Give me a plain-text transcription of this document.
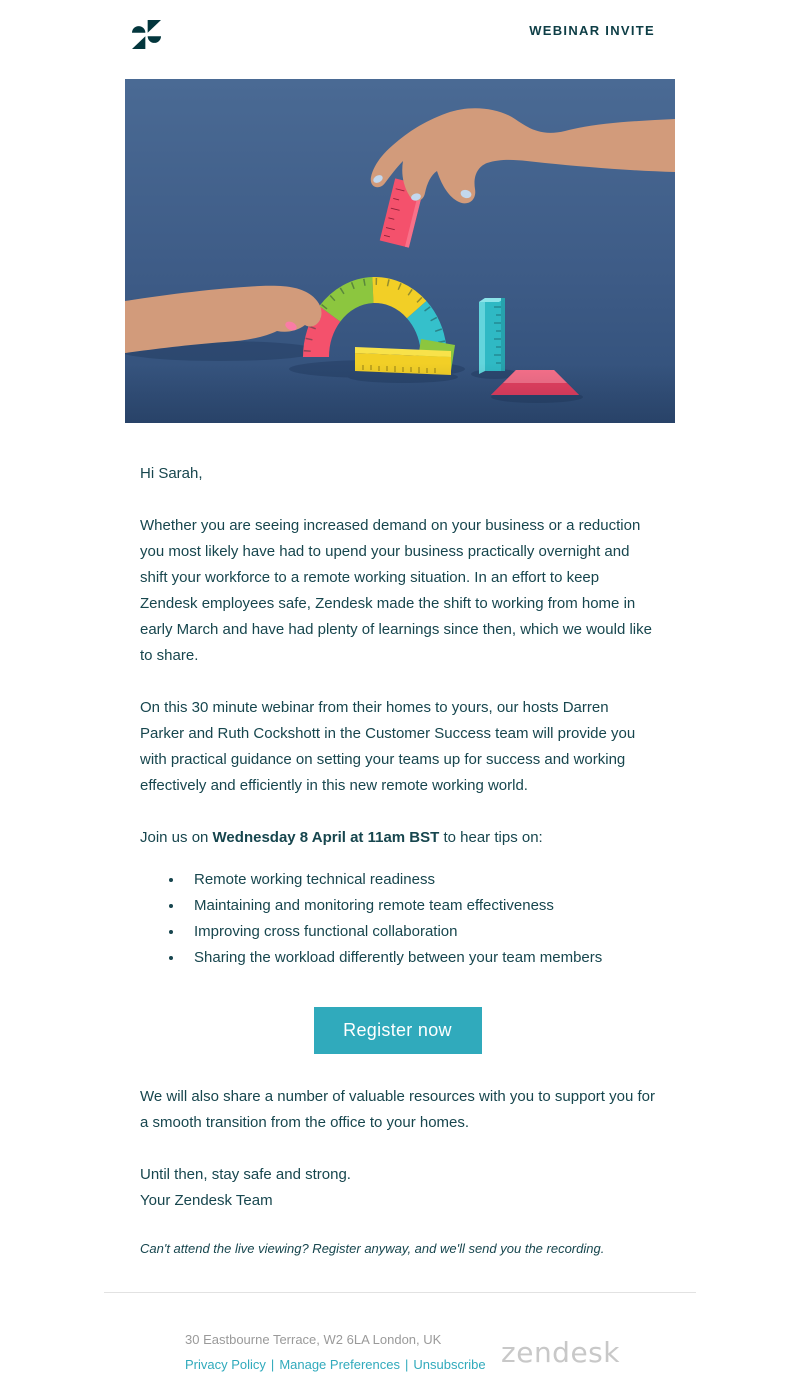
WEBINAR INVITE

Hi Sarah,

Whether you are seeing increased demand on your business or a reduction you most likely have had to upend your business practically overnight and shift your workforce to a remote working situation. In an effort to keep Zendesk employees safe, Zendesk made the shift to working from home in early March and have had plenty of learnings since then, which we would like to share.

On this 30 minute webinar from their homes to yours, our hosts Darren Parker and Ruth Cockshott in the Customer Success team will provide you with practical guidance on setting your teams up for success and working effectively and efficiently in this new remote working world.

Join us on Wednesday 8 April at 11am BST to hear tips on:

Remote working technical readiness
Maintaining and monitoring remote team effectiveness
Improving cross functional collaboration
Sharing the workload differently between your team members
Register now

We will also share a number of valuable resources with you to support you for a smooth transition from the office to your homes.

Until then, stay safe and strong.
Your Zendesk Team

Can't attend the live viewing? Register anyway, and we'll send you the recording.

30 Eastbourne Terrace, W2 6LA London, UK
Privacy Policy | Manage Preferences | Unsubscribe zendesk
